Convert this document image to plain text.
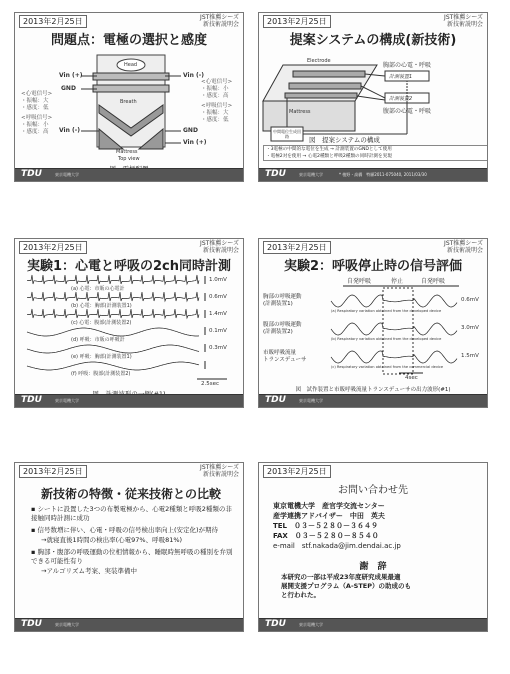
2013年2月25日	JST推薦シーズ
新技術説明会
問題点：電極の選択と感度
Head
Breath
Mattress
Top view
Vin (+)
GND
Vin (-)
Vin (-)
GND
Vin (+)
<心電信号>
・振幅：大
・感度：低
<呼吸信号>
・振幅：小
・感度：高
<心電信号>
・振幅：小
・感度：高
<呼吸信号>
・振幅：大
・感度：低
TDU	東京電機大学
2013年2月25日	JST推薦シーズ
新技術説明会
提案システムの構成(新技術)
Electrode
Mattress
胸部の心電・呼吸
計測装置1
計測装置2
腹部の心電・呼吸
中間電位生成回路	図　提案システムの構成
・3電極の中間的な電位を生成 → 計測装置のGNDとして使用
・電極2対を使用 → 心電2種類と呼吸2種類の同時計測を実現
TDU	東京電機大学	* 植野・高橋　特願2011-075040, 2011/03/30
2013年2月25日	JST推薦シーズ
新技術説明会
実験1：心電と呼吸の2ch同時計測
(a) 心電：市販の心電計
1.0mV
(b) 心電：胸部(計測装置1)
0.6mV
(c) 心電：腹部(計測装置2)
1.4mV
(d) 呼吸：市販の呼吸計
0.1mV
(e) 呼吸：胸部(計測装置1)
0.3mV
(f) 呼吸：腹部(計測装置2)
2.5sec
TDU	東京電機大学
2013年2月25日	JST推薦シーズ
新技術説明会
実験2：呼吸停止時の信号評価
自発呼吸	停止	自発呼吸
胸部の呼吸運動
(計測装置1)
0.6mV
(a) Respiratory variation obtained from the developed device
腹部の呼吸運動
(計測装置2)
3.0mV
(b) Respiratory variation obtained from the developed device
市販呼吸流量
トランスデューサ
1.5mV
(c) Respiratory variation obtained from the commercial device
4sec
図　試作装置と市販呼吸流量トランスデューサの出力波形(#1)
TDU	東京電機大学
2013年2月25日	JST推薦シーズ
新技術説明会
新技術の特徴・従来技術との比較
▪ シートに設置した3つの布製電極から、心電2種類と呼吸2種類の非接触同時計測に成功
▪ 信号数増に伴い、心電・呼吸の信号検出率向上(安定化)が期待
→就寝直後1時間の検出率(心電97%、呼吸81%)
▪ 胸部・腹部の呼吸運動の位相情報から、睡眠時無呼吸の種別を弁別できる可能性有り
→アルゴリズム考案、実装準備中
TDU	東京電機大学
2013年2月25日
お問い合わせ先
東京電機大学　産官学交流センター
産学連携アドバイザー　中田　英夫
TEL　０３－５２８０－３６４９
FAX　０３－５２８０－８５４０
e-mail　stf.nakada@jim.dendai.ac.jp
謝　辞
本研究の一部は平成23年度研究成果最適
展開支援プログラム（A-STEP）の助成のも
と行われた。
TDU	東京電機大学
